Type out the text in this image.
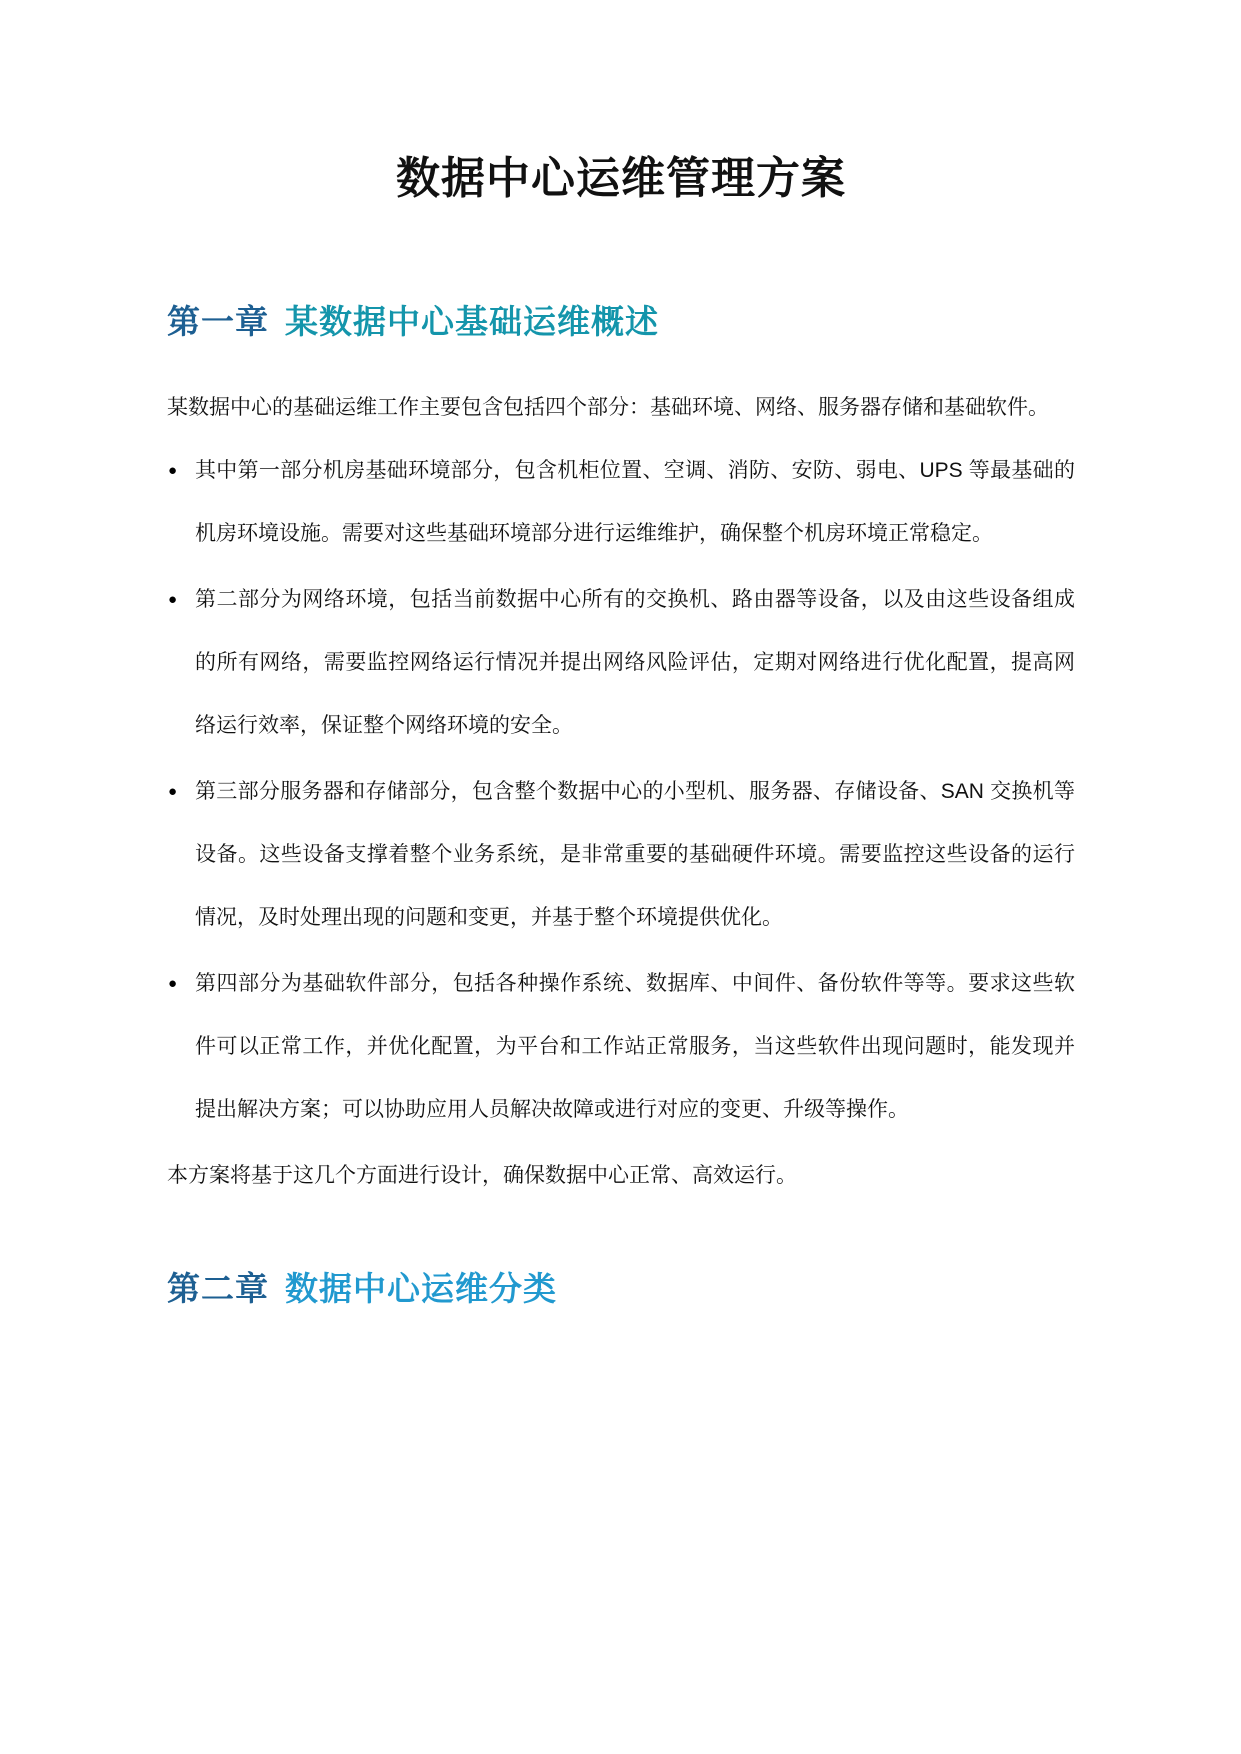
数据中心运维管理方案
第一章 某数据中心基础运维概述

某数据中心的基础运维工作主要包含包括四个部分：基础环境、网络、服务器存储和基础软件。

● 其中第一部分机房基础环境部分，包含机柜位置、空调、消防、安防、弱电、UPS 等最基础的机房环境设施。需要对这些基础环境部分进行运维维护，确保整个机房环境正常稳定。
● 第二部分为网络环境，包括当前数据中心所有的交换机、路由器等设备，以及由这些设备组成的所有网络，需要监控网络运行情况并提出网络风险评估，定期对网络进行优化配置，提高网络运行效率，保证整个网络环境的安全。
● 第三部分服务器和存储部分，包含整个数据中心的小型机、服务器、存储设备、SAN 交换机等设备。这些设备支撑着整个业务系统，是非常重要的基础硬件环境。需要监控这些设备的运行情况，及时处理出现的问题和变更，并基于整个环境提供优化。
● 第四部分为基础软件部分，包括各种操作系统、数据库、中间件、备份软件等等。要求这些软件可以正常工作，并优化配置，为平台和工作站正常服务，当这些软件出现问题时，能发现并提出解决方案；可以协助应用人员解决故障或进行对应的变更、升级等操作。

本方案将基于这几个方面进行设计，确保数据中心正常、高效运行。

第二章 数据中心运维分类
